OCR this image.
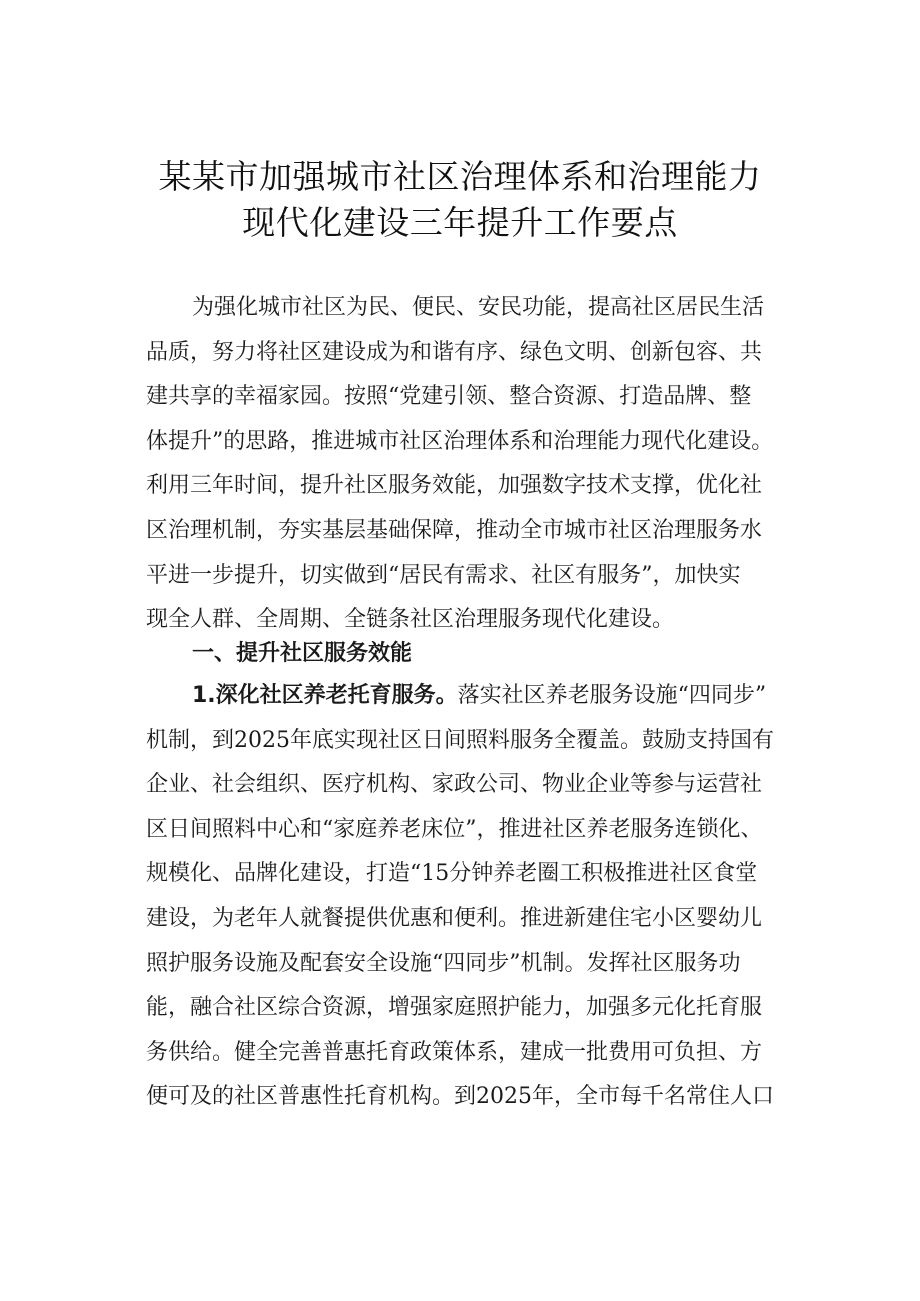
某某市加强城市社区治理体系和治理能力
现代化建设三年提升工作要点
为强化城市社区为民、便民、安民功能，提高社区居民生活
品质，努力将社区建设成为和谐有序、绿色文明、创新包容、共
建共享的幸福家园。按照“党建引领、整合资源、打造品牌、整
体提升”的思路，推进城市社区治理体系和治理能力现代化建设。
利用三年时间，提升社区服务效能，加强数字技术支撑，优化社
区治理机制，夯实基层基础保障，推动全市城市社区治理服务水
平进一步提升，切实做到“居民有需求、社区有服务”，加快实
现全人群、全周期、全链条社区治理服务现代化建设。
一、提升社区服务效能
1.深化社区养老托育服务。落实社区养老服务设施“四同步”
机制，到2025年底实现社区日间照料服务全覆盖。鼓励支持国有
企业、社会组织、医疗机构、家政公司、物业企业等参与运营社
区日间照料中心和“家庭养老床位”，推进社区养老服务连锁化、
规模化、品牌化建设，打造“15分钟养老圈工积极推进社区食堂
建设，为老年人就餐提供优惠和便利。推进新建住宅小区婴幼儿
照护服务设施及配套安全设施“四同步”机制。发挥社区服务功
能，融合社区综合资源，增强家庭照护能力，加强多元化托育服
务供给。健全完善普惠托育政策体系，建成一批费用可负担、方
便可及的社区普惠性托育机构。到2025年，全市每千名常住人口
